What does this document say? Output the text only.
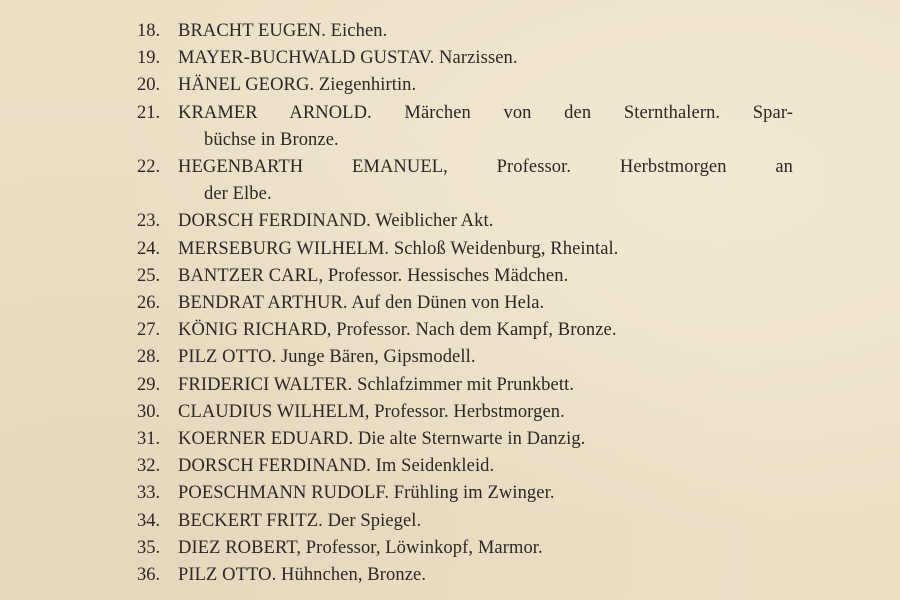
18. BRACHT EUGEN. Eichen.
19. MAYER-BUCHWALD GUSTAV. Narzissen.
20. HÄNEL GEORG. Ziegenhirtin.
21. KRAMER ARNOLD. Märchen von den Sternthalern. Spar-
büchse in Bronze.
22. HEGENBARTH EMANUEL, Professor. Herbstmorgen an
der Elbe.
23. DORSCH FERDINAND. Weiblicher Akt.
24. MERSEBURG WILHELM. Schloß Weidenburg, Rheintal.
25. BANTZER CARL, Professor. Hessisches Mädchen.
26. BENDRAT ARTHUR. Auf den Dünen von Hela.
27. KÖNIG RICHARD, Professor. Nach dem Kampf, Bronze.
28. PILZ OTTO. Junge Bären, Gipsmodell.
29. FRIDERICI WALTER. Schlafzimmer mit Prunkbett.
30. CLAUDIUS WILHELM, Professor. Herbstmorgen.
31. KOERNER EDUARD. Die alte Sternwarte in Danzig.
32. DORSCH FERDINAND. Im Seidenkleid.
33. POESCHMANN RUDOLF. Frühling im Zwinger.
34. BECKERT FRITZ. Der Spiegel.
35. DIEZ ROBERT, Professor, Löwinkopf, Marmor.
36. PILZ OTTO. Hühnchen, Bronze.
